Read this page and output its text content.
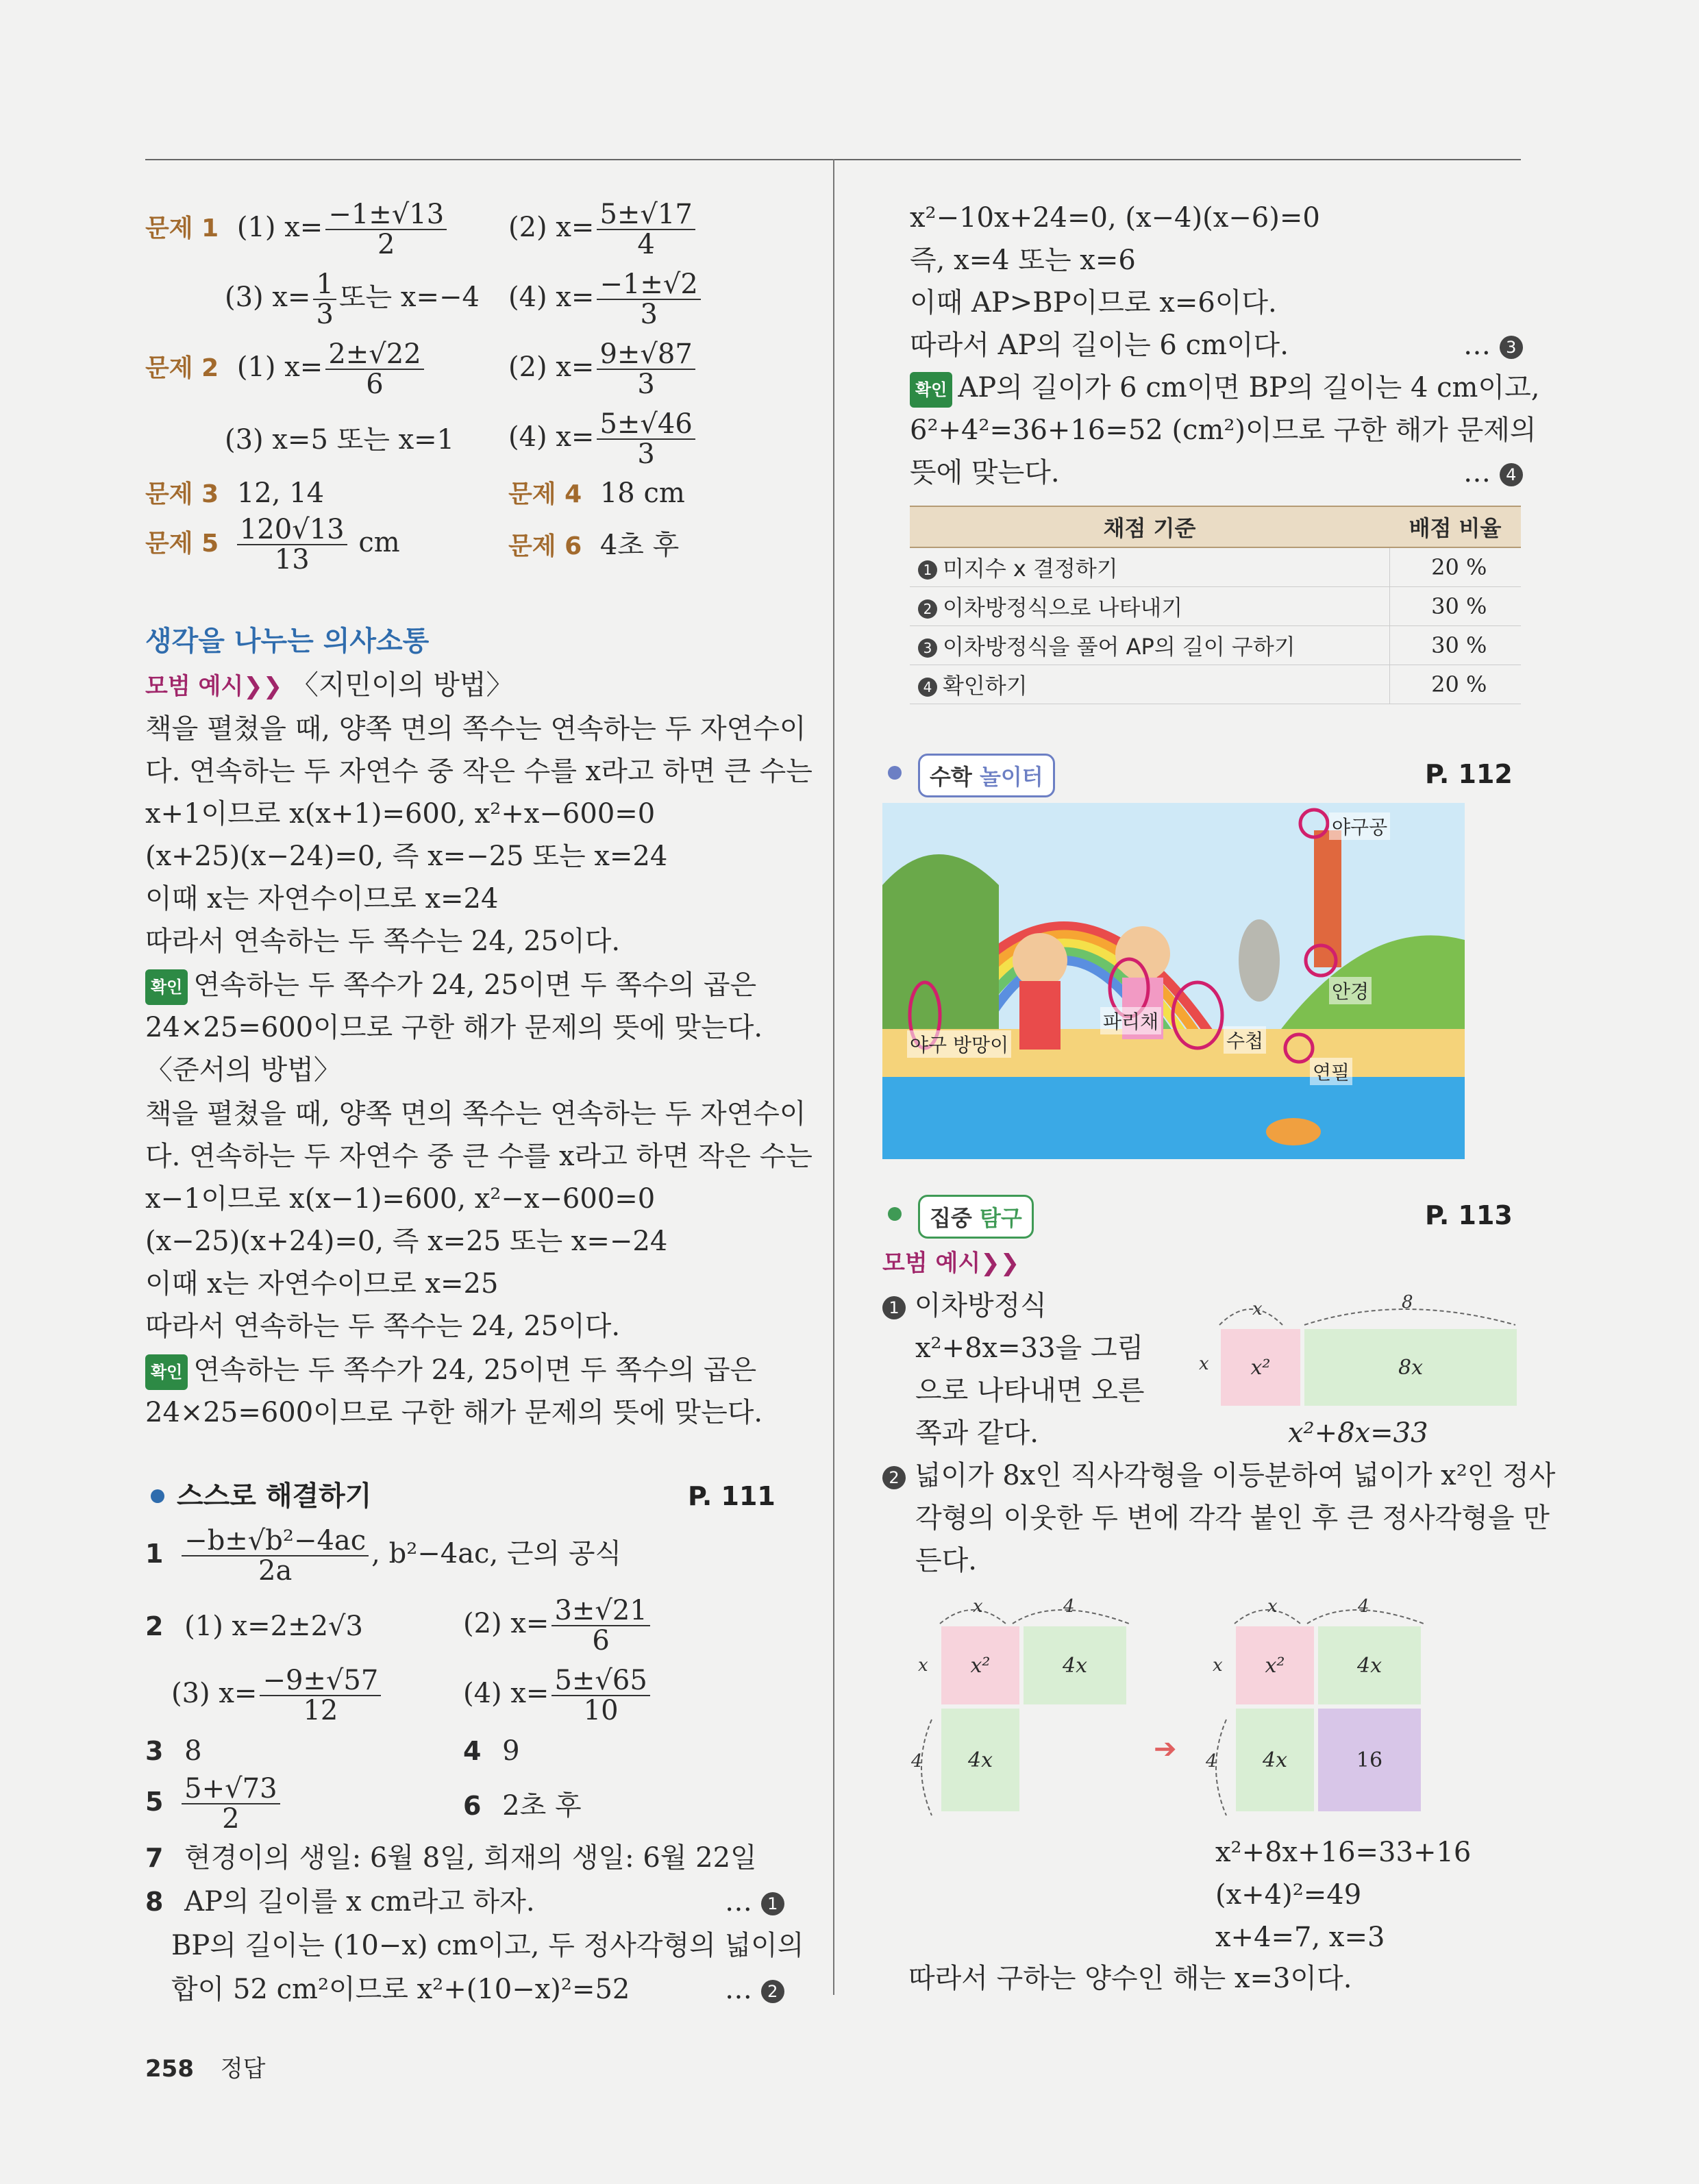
문제 1 (1) $x= \frac{-1\pm√13}{2} (2)$ $x= \frac{5\pm√17}{4}$
(3) $x= \frac{1}{3}$ 또는 x=−4 (4) $x= \frac{-1\pm√2}{3}$
문제 2 (1) $x= \frac{2\pm√22}{6}$	(2) $x= \frac{9\pm√87}{3}$
(3) x=5 또는 x=1 (4) $x= \frac{5\pm√46}{3}$
문제 3 12, 14	문제 4 18 cm
문제 $5 \frac{120√13}{13}$ cm	문제 6 4초 후
생각을 나누는 의사소통
모범 예시❯❯ 〈지민이의 방법〉
책을 펼쳤을 때, 양쪽 면의 쪽수는 연속하는 두 자연수이
다. 연속하는 두 자연수 중 작은 수를 x라고 하면 큰 수는
x+1이므로 x(x+1)=600, x²+x−600=0
(x+25)(x−24)=0, 즉 x=−25 또는 x=24
이때 x는 자연수이므로 x=24
따라서 연속하는 두 쪽수는 24, 25이다.
확인 연속하는 두 쪽수가 24, 25이면 두 쪽수의 곱은
24×25=600이므로 구한 해가 문제의 뜻에 맞는다.
〈준서의 방법〉
책을 펼쳤을 때, 양쪽 면의 쪽수는 연속하는 두 자연수이
다. 연속하는 두 자연수 중 큰 수를 x라고 하면 작은 수는
x−1이므로 x(x−1)=600, x²−x−600=0
(x−25)(x+24)=0, 즉 x=25 또는 x=−24
이때 x는 자연수이므로 x=25
따라서 연속하는 두 쪽수는 24, 25이다.
확인 연속하는 두 쪽수가 24, 25이면 두 쪽수의 곱은
24×25=600이므로 구한 해가 문제의 뜻에 맞는다.
스스로 해결하기	P. 111
$1 \frac{\text{−b±√b²−4ac}}{2a}$ , b²−4ac, 근의 공식
2 (1) x=2±2√3	(2) $x= \frac{3\pm√21}{6}$
(3) $x= \frac{-9\pm√57}{12}$	(4) $x= \frac{5\pm√65}{10}$
3 8	4 9
$5 \frac{5+√73}{2}$	6 2초 후
7 현경이의 생일: 6월 8일, 희재의 생일: 6월 22일
8 AP의 길이를 x cm라고 하자.	… 1
BP의 길이는 (10−x) cm이고, 두 정사각형의 넓이의
합이 52 cm²이므로 x²+(10−x)²=52	… 2
x²−10x+24=0, (x−4)(x−6)=0
즉, x=4 또는 x=6
이때 AP>BP이므로 x=6이다.
따라서 AP의 길이는 6 cm이다.	… 3
확인 AP의 길이가 6 cm이면 BP의 길이는 4 cm이고,
6²+4²=36+16=52 (cm²)이므로 구한 해가 문제의
뜻에 맞는다.	… 4
채점 기준	배점 비율
1 미지수 x 결정하기	20 %
2 이차방정식으로 나타내기	30 %
3 이차방정식을 풀어 AP의 길이 구하기	30 %
4 확인하기	20 %
수학 놀이터	P. 112
야구공
안경
파리채
수첩
연필
야구 방망이
집중 탐구	P. 113
모범 예시❯❯
1 이차방정식
x²+8x=33을 그림
으로 나타내면 오른
쪽과 같다.
x	8
x	x²	8x
x²+8x=33
2 넓이가 8x인 직사각형을 이등분하여 넓이가 x²인 정사
각형의 이웃한 두 변에 각각 붙인 후 큰 정사각형을 만
든다.
x	4
x
4
x²	4x
4x	➔
x	4
x
4
x²	4x
4x	16
x²+8x+16=33+16
(x+4)²=49
x+4=7, x=3
따라서 구하는 양수인 해는 x=3이다.
258 정답
